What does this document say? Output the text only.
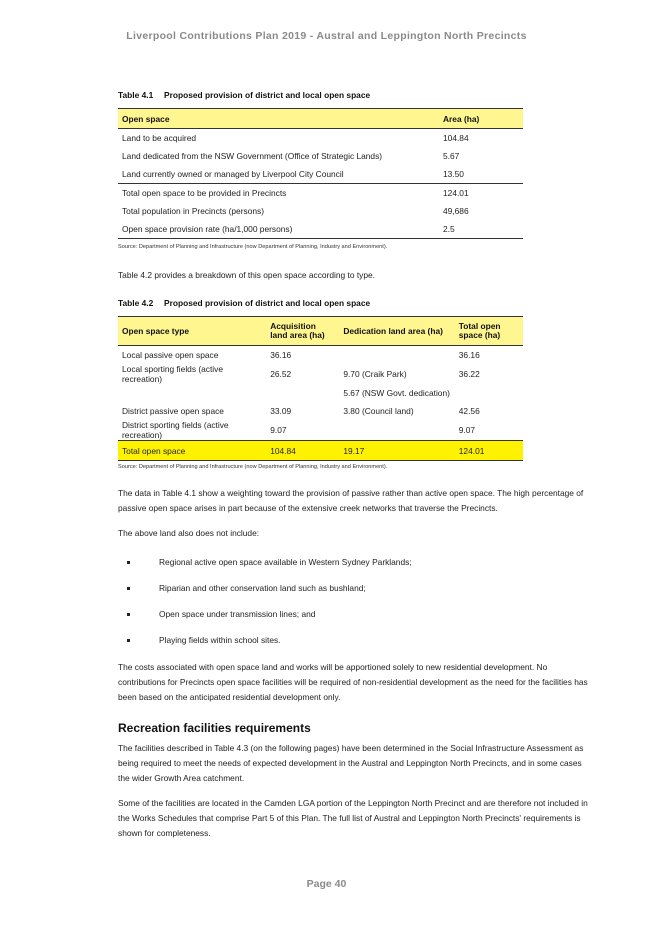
Liverpool Contributions Plan 2019 - Austral and Leppington North Precincts
Table 4.1 Proposed provision of district and local open space
Open space	Area (ha)
Land to be acquired	104.84
Land dedicated from the NSW Government (Office of Strategic Lands)	5.67
Land currently owned or managed by Liverpool City Council	13.50
Total open space to be provided in Precincts	124.01
Total population in Precincts (persons)	49,686
Open space provision rate (ha/1,000 persons)	2.5
Source: Department of Planning and Infrastructure (now Department of Planning, Industry and Environment).

Table 4.2 provides a breakdown of this open space according to type.

Table 4.2 Proposed provision of district and local open space
Open space type	Acquisition land area (ha)	Dedication land area (ha)	Total open space (ha)
Local passive open space	36.16		36.16
Local sporting fields (active recreation)	26.52	9.70 (Craik Park)	36.22
		5.67 (NSW Govt. dedication)	
District passive open space	33.09	3.80 (Council land)	42.56
District sporting fields (active recreation)	9.07		9.07
Total open space	104.84	19.17	124.01
Source: Department of Planning and Infrastructure (now Department of Planning, Industry and Environment).

The data in Table 4.1 show a weighting toward the provision of passive rather than active open space. The high percentage of passive open space arises in part because of the extensive creek networks that traverse the Precincts.

The above land also does not include:

Regional active open space available in Western Sydney Parklands;
Riparian and other conservation land such as bushland;
Open space under transmission lines; and
Playing fields within school sites.

The costs associated with open space land and works will be apportioned solely to new residential development. No contributions for Precincts open space facilities will be required of non-residential development as the need for the facilities has been based on the anticipated residential development only.

Recreation facilities requirements

The facilities described in Table 4.3 (on the following pages) have been determined in the Social Infrastructure Assessment as being required to meet the needs of expected development in the Austral and Leppington North Precincts, and in some cases the wider Growth Area catchment.

Some of the facilities are located in the Camden LGA portion of the Leppington North Precinct and are therefore not included in the Works Schedules that comprise Part 5 of this Plan. The full list of Austral and Leppington North Precincts' requirements is shown for completeness.

Page 40
